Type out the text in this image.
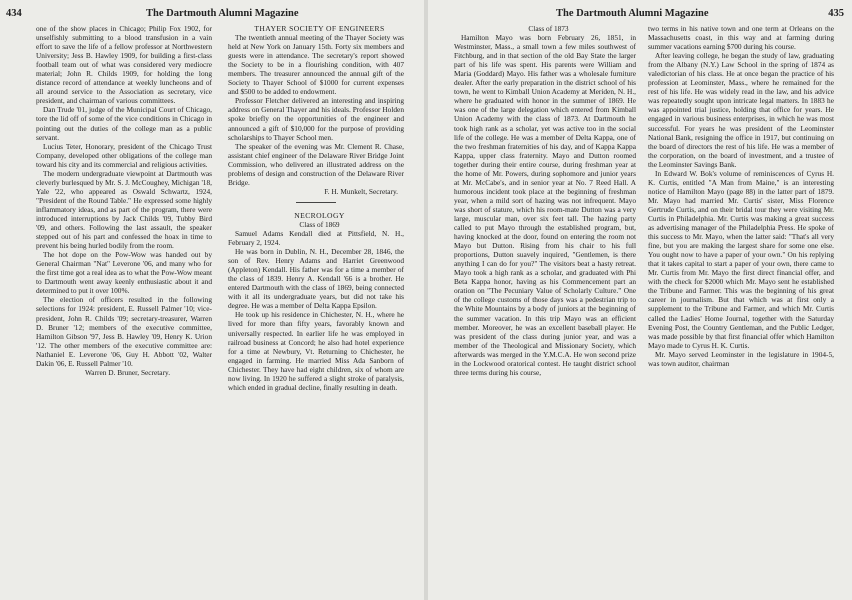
434	The Dartmouth Alumni Magazine

one of the show places in Chicago; Philip Fox 1902, for unselfishly submitting to a blood transfusion in a vain effort to save the life of a fellow professor at Northwestern University; Jess B. Hawley 1909, for building a first-class football team out of what was considered very mediocre material; John R. Childs 1909, for holding the long distance record of attendance at weekly luncheons and of all around service to the Association as secretary, vice president, and chairman of various committees.

Dan Trude '01, judge of the Municipal Court of Chicago, tore the lid off of some of the vice conditions in Chicago in pointing out the duties of the college man as a public servant.

Lucius Teter, Honorary, president of the Chicago Trust Company, developed other obligations of the college man toward his city and its commercial and religious activities.

The modern undergraduate viewpoint at Dartmouth was cleverly burlesqued by Mr. S. J. McCoughey, Michigan '18, Yale '22, who appeared as Oswald Schwartz, 1924, "President of the Round Table." He expressed some highly inflammatory ideas, and as part of the program, there were introduced interruptions by Jack Childs '09, Tubby Bird '09, and others. Following the last assault, the speaker stepped out of his part and confessed the hoax in time to prevent his being hurled bodily from the room.

The hot dope on the Pow-Wow was handed out by General Chairman "Nat" Leverone '06, and many who for the first time got a real idea as to what the Pow-Wow meant to Dartmouth went away keenly enthusiastic about it and determined to put it over 100%.

The election of officers resulted in the following selections for 1924: president, E. Russell Palmer '10; vice-president, John R. Childs '09; secretary-treasurer, Warren D. Bruner '12; members of the executive committee, Hamilton Gibson '97, Jess B. Hawley '09, Henry K. Urion '12. The other members of the executive committee are: Nathaniel E. Leverone '06, Guy H. Abbott '02, Walter Dakin '06, E. Russell Palmer '10.

Warren D. Bruner, Secretary.

THAYER SOCIETY OF ENGINEERS

The twentieth annual meeting of the Thayer Society was held at New York on January 15th. Forty six members and guests were in attendance. The secretary's report showed the Society to be in a flourishing condition, with 407 members. The treasurer announced the annual gift of the Society to Thayer School of $1000 for current expenses and $500 to be added to endowment.

Professor Fletcher delivered an interesting and inspiring address on General Thayer and his ideals. Professor Holden spoke briefly on the opportunities of the engineer and announced a gift of $10,000 for the purpose of providing scholarships to Thayer School men.

The speaker of the evening was Mr. Clement R. Chase, assistant chief engineer of the Delaware River Bridge Joint Commission, who delivered an illustrated address on the problems of design and construction of the Delaware River Bridge.

F. H. Munkelt, Secretary.

NECROLOGY

Class of 1869

Samuel Adams Kendall died at Pittsfield, N. H., February 2, 1924.

He was born in Dublin, N. H., December 28, 1846, the son of Rev. Henry Adams and Harriet Greenwood (Appleton) Kendall. His father was for a time a member of the class of 1839. Henry A. Kendall '66 is a brother. He entered Dartmouth with the class of 1869, being connected with it all its undergraduate years, but did not take his degree. He was a member of Delta Kappa Epsilon.

He took up his residence in Chichester, N. H., where he lived for more than fifty years, favorably known and universally respected. In earlier life he was employed in railroad business at Concord; he also had hotel experience for a time at Newbury, Vt. Returning to Chichester, he engaged in farming. He married Miss Ada Sanborn of Chichester. They have had eight children, six of whom are now living. In 1920 he suffered a slight stroke of paralysis, which ended in gradual decline, finally resulting in death.

The Dartmouth Alumni Magazine	435

Class of 1873

Hamilton Mayo was born February 26, 1851, in Westminster, Mass., a small town a few miles southwest of Fitchburg, and in that section of the old Bay State the larger part of his life was spent. His parents were William and Maria (Goddard) Mayo. His father was a wholesale furniture dealer. After the early preparation in the district school of his town, he went to Kimball Union Academy at Meriden, N. H., where he graduated with honor in the summer of 1869. He was one of the large delegation which entered from Kimball Union Academy with the class of 1873. At Dartmouth he took high rank as a scholar, yet was active too in the social life of the college. He was a member of Delta Kappa, one of the two freshman fraternities of his day, and of Kappa Kappa Kappa, upper class fraternity. Mayo and Dutton roomed together during their entire course, during freshman year at the home of Mr. Powers, during sophomore and junior years at Mr. McCabe's, and in senior year at No. 7 Reed Hall. A humorous incident took place at the beginning of freshman year, when a mild sort of hazing was not infrequent. Mayo was short of stature, which his room-mate Dutton was a very large, muscular man, over six feet tall. The hazing party called to put Mayo through the established program, but, having knocked at the door, found on entering the room not Mayo but Dutton. Rising from his chair to his full proportions, Dutton suavely inquired, "Gentlemen, is there anything I can do for you?" The visitors beat a hasty retreat. Mayo took a high rank as a scholar, and graduated with Phi Beta Kappa honor, having as his Commencement part an oration on "The Pecuniary Value of Scholarly Culture." One of the college customs of those days was a pedestrian trip to the White Mountains by a body of juniors at the beginning of the summer vacation. In this trip Mayo was an efficient member. Moreover, he was an excellent baseball player. He was president of the class during junior year, and was a member of the Theological and Missionary Society, which afterwards was merged in the Y.M.C.A. He won second prize in the Lockwood oratorical contest. He taught district school three terms during his course,

two terms in his native town and one term at Orleans on the Massachusetts coast, in this way and at farming during summer vacations earning $700 during his course.

After leaving college, he began the study of law, graduating from the Albany (N.Y.) Law School in the spring of 1874 as valedictorian of his class. He at once began the practice of his profession at Leominster, Mass., where he remained for the rest of his life. He was widely read in the law, and his advice was repeatedly sought upon intricate legal matters. In 1883 he was appointed trial justice, holding that office for years. He engaged in various business enterprises, in which he was most successful. For years he was president of the Leominster National Bank, resigning the office in 1917, but continuing on the board of directors the rest of his life. He was a member of the corporation, on the board of investment, and a trustee of the Leominster Savings Bank.

In Edward W. Bok's volume of reminiscences of Cyrus H. K. Curtis, entitled "A Man from Maine," is an interesting notice of Hamilton Mayo (page 88) in the latter part of 1879. Mr. Mayo had married Mr. Curtis' sister, Miss Florence Gertrude Curtis, and on their bridal tour they were visiting Mr. Curtis in Philadelphia. Mr. Curtis was making a great success as advertising manager of the Philadelphia Press. He spoke of this success to Mr. Mayo, when the latter said: "That's all very fine, but you are making the largest share for some one else. You ought now to have a paper of your own." On his replying that it takes capital to start a paper of your own, there came to Mr. Curtis from Mr. Mayo the first direct financial offer, and with the check for $2000 which Mr. Mayo sent he established the Tribune and Farmer. This was the beginning of his great career in journalism. But that which was at first only a supplement to the Tribune and Farmer, and which Mr. Curtis called the Ladies' Home Journal, together with the Saturday Evening Post, the Country Gentleman, and the Public Ledger, was made possible by that first financial offer which Hamilton Mayo made to Cyrus H. K. Curtis.

Mr. Mayo served Leominster in the legislature in 1904-5, was town auditor, chairman
